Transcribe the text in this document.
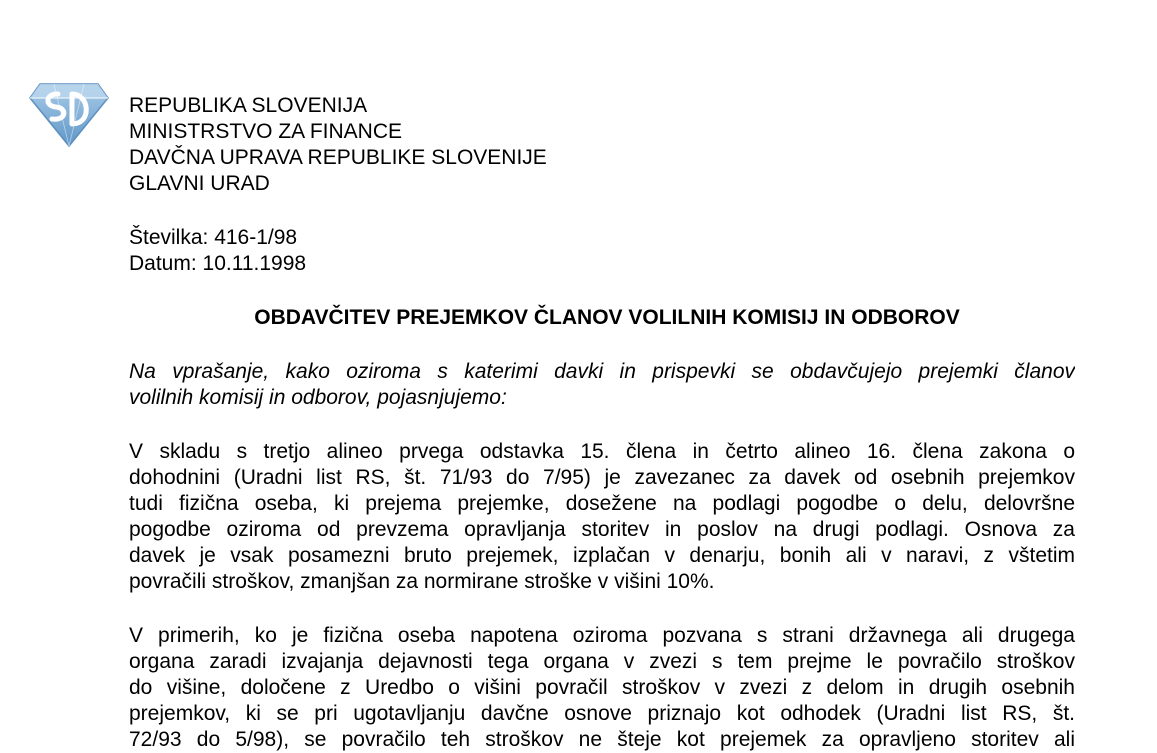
REPUBLIKA SLOVENIJA
MINISTRSTVO ZA FINANCE
DAVČNA UPRAVA REPUBLIKE SLOVENIJE
GLAVNI URAD
Številka: 416-1/98
Datum: 10.11.1998
OBDAVČITEV PREJEMKOV ČLANOV VOLILNIH KOMISIJ IN ODBOROV
Na vprašanje, kako oziroma s katerimi davki in prispevki se obdavčujejo prejemki članov
volilnih komisij in odborov, pojasnjujemo:
V skladu s tretjo alineo prvega odstavka 15. člena in četrto alineo 16. člena zakona o
dohodnini (Uradni list RS, št. 71/93 do 7/95) je zavezanec za davek od osebnih prejemkov
tudi fizična oseba, ki prejema prejemke, dosežene na podlagi pogodbe o delu, delovršne
pogodbe oziroma od prevzema opravljanja storitev in poslov na drugi podlagi. Osnova za
davek je vsak posamezni bruto prejemek, izplačan v denarju, bonih ali v naravi, z vštetim
povračili stroškov, zmanjšan za normirane stroške v višini 10%.
V primerih, ko je fizična oseba napotena oziroma pozvana s strani državnega ali drugega
organa zaradi izvajanja dejavnosti tega organa v zvezi s tem prejme le povračilo stroškov
do višine, določene z Uredbo o višini povračil stroškov v zvezi z delom in drugih osebnih
prejemkov, ki se pri ugotavljanju davčne osnove priznajo kot odhodek (Uradni list RS, št.
72/93 do 5/98), se povračilo teh stroškov ne šteje kot prejemek za opravljeno storitev ali
